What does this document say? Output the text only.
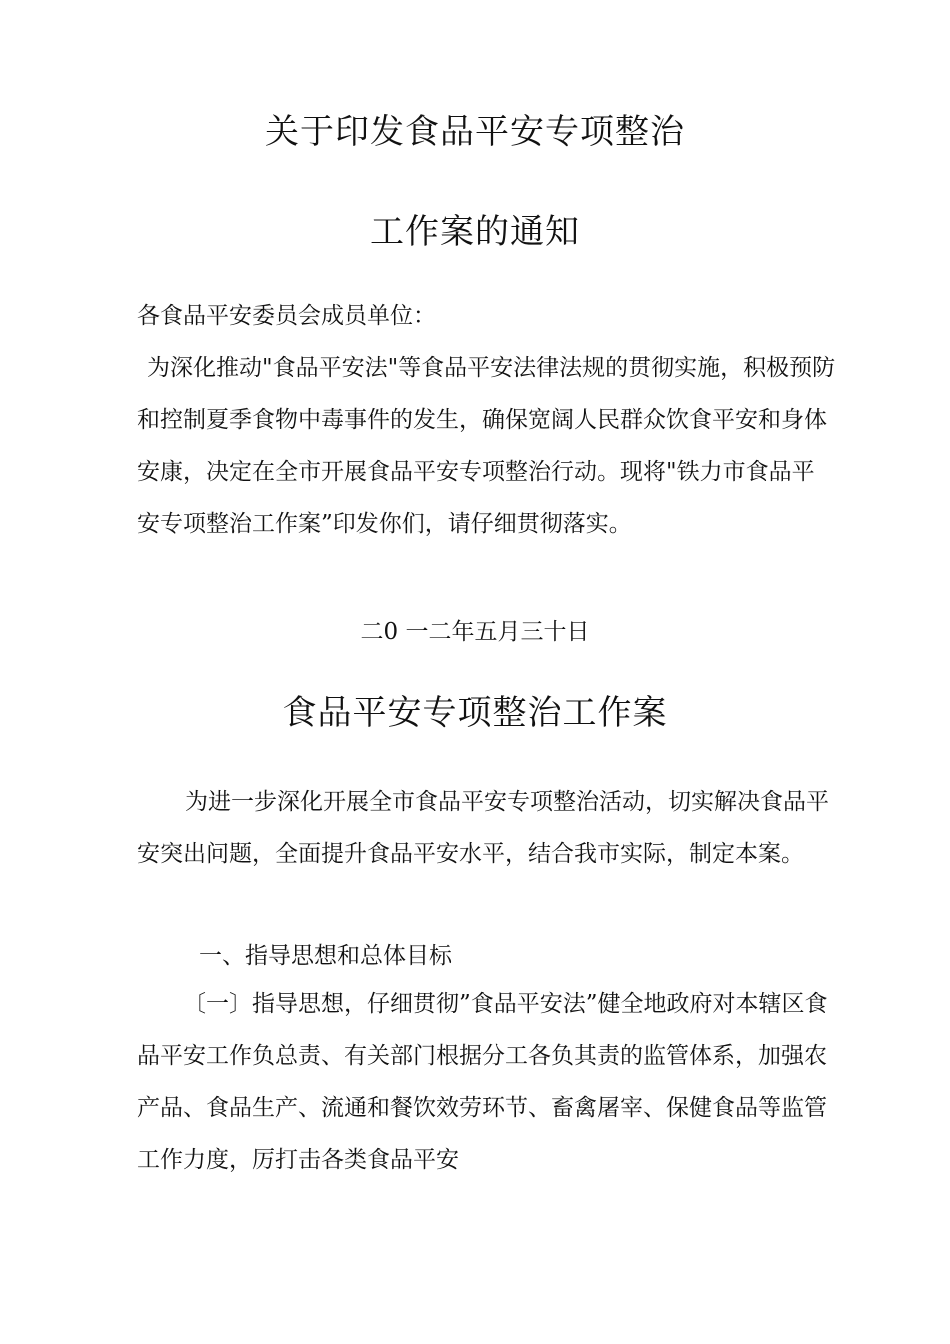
关于印发食品平安专项整治
工作案的通知
各食品平安委员会成员单位：
为深化推动"食品平安法"等食品平安法律法规的贯彻实施，积极预防和控制夏季食物中毒事件的发生，确保宽阔人民群众饮食平安和身体安康，决定在全市开展食品平安专项整治行动。现将"铁力市食品平安专项整治工作案”印发你们，请仔细贯彻落实。
二0 一二年五月三十日
食品平安专项整治工作案
为进一步深化开展全市食品平安专项整治活动，切实解决食品平安突出问题，全面提升食品平安水平，结合我市实际，制定本案。
一、指导思想和总体目标
〔一〕指导思想，仔细贯彻”食品平安法”健全地政府对本辖区食品平安工作负总责、有关部门根据分工各负其责的监管体系，加强农产品、食品生产、流通和餐饮效劳环节、畜禽屠宰、保健食品等监管工作力度，厉打击各类食品平安
